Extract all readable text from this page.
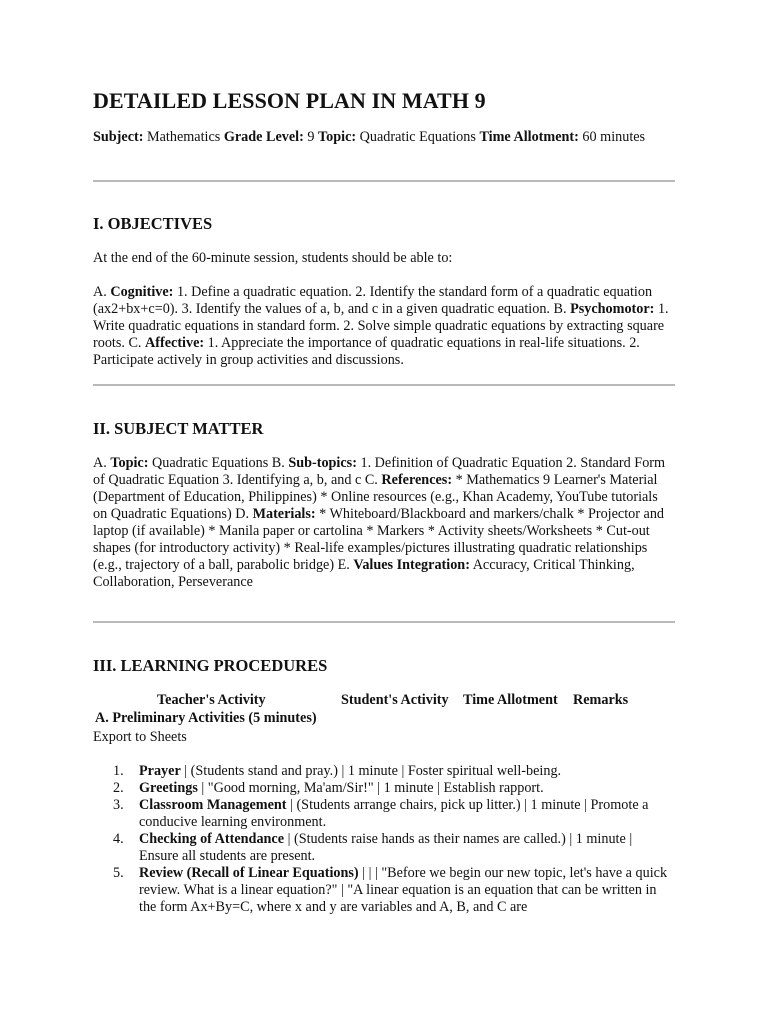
DETAILED LESSON PLAN IN MATH 9

Subject: Mathematics Grade Level: 9 Topic: Quadratic Equations Time Allotment: 60 minutes

I. OBJECTIVES

At the end of the 60-minute session, students should be able to:

A. Cognitive: 1. Define a quadratic equation. 2. Identify the standard form of a quadratic equation (ax2+bx+c=0). 3. Identify the values of a, b, and c in a given quadratic equation. B. Psychomotor: 1. Write quadratic equations in standard form. 2. Solve simple quadratic equations by extracting square roots. C. Affective: 1. Appreciate the importance of quadratic equations in real-life situations. 2. Participate actively in group activities and discussions.

II. SUBJECT MATTER

A. Topic: Quadratic Equations B. Sub-topics: 1. Definition of Quadratic Equation 2. Standard Form of Quadratic Equation 3. Identifying a, b, and c C. References: * Mathematics 9 Learner's Material (Department of Education, Philippines) * Online resources (e.g., Khan Academy, YouTube tutorials on Quadratic Equations) D. Materials: * Whiteboard/Blackboard and markers/chalk * Projector and laptop (if available) * Manila paper or cartolina * Markers * Activity sheets/Worksheets * Cut-out shapes (for introductory activity) * Real-life examples/pictures illustrating quadratic relationships (e.g., trajectory of a ball, parabolic bridge) E. Values Integration: Accuracy, Critical Thinking, Collaboration, Perseverance

III. LEARNING PROCEDURES
Teacher's Activity	Student's Activity Time Allotment Remarks
A. Preliminary Activities (5 minutes)
Export to Sheets
1. Prayer | (Students stand and pray.) | 1 minute | Foster spiritual well-being.
2. Greetings | "Good morning, Ma'am/Sir!" | 1 minute | Establish rapport.
3. Classroom Management | (Students arrange chairs, pick up litter.) | 1 minute | Promote a conducive learning environment.
4. Checking of Attendance | (Students raise hands as their names are called.) | 1 minute | Ensure all students are present.
5. Review (Recall of Linear Equations) | | | "Before we begin our new topic, let's have a quick review. What is a linear equation?" | "A linear equation is an equation that can be written in the form Ax+By=C, where x and y are variables and A, B, and C are
